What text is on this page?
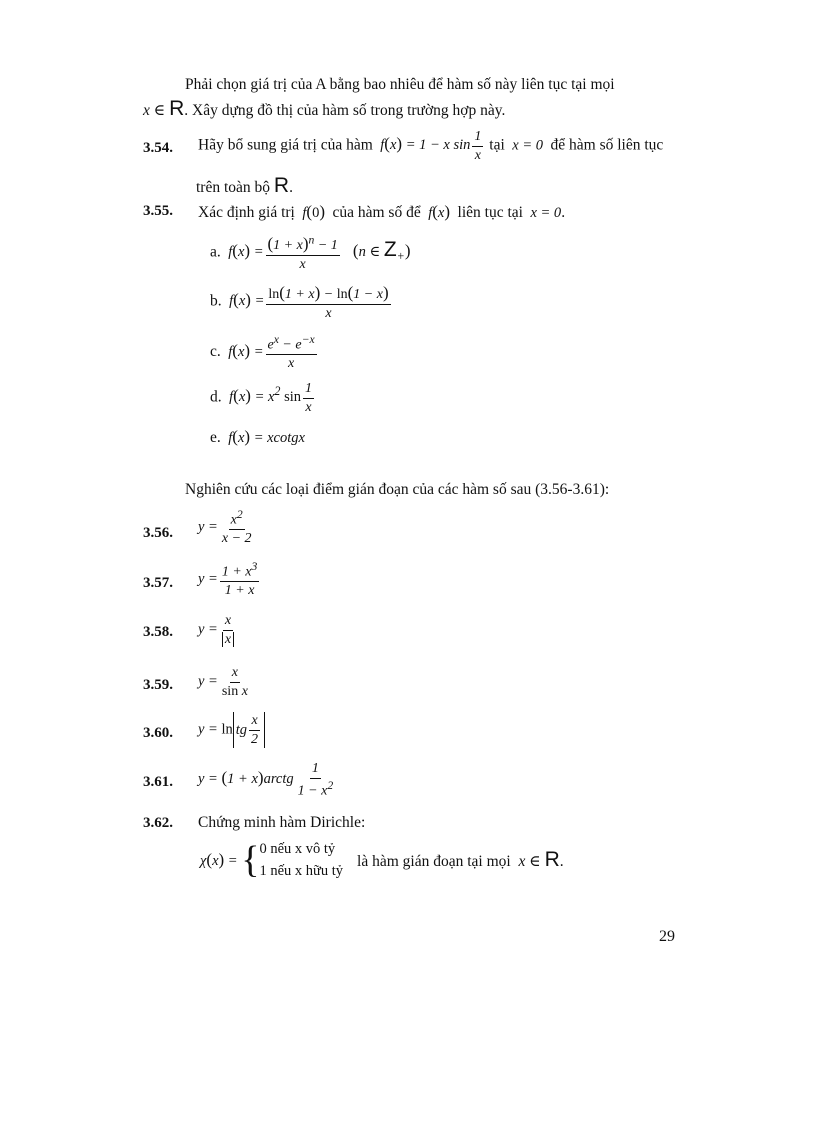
Phải chọn giá trị của A bằng bao nhiêu để hàm số này liên tục tại mọi
x ∈ R. Xây dựng đồ thị của hàm số trong trường hợp này.
3.54. Hãy bổ sung giá trị của hàm  f(x) = 1 − x $\sin \frac{1}{x}$ tại  x = 0  để hàm số liên tục
trên toàn bộ R.
3.55. Xác định giá trị  f(0) của hàm số để  f(x) liên tục tại  x = 0.
a.  $f(x) = \frac{(1 + x)^n - 1}{x} (n$ ∈ $Z_+$)
b.  $f(x) = \frac{\ln(1 + x) - \ln(1 - x)}{x}$
c.  $f(x) = \frac{e^x - e^{-x}}{x}$
d.  $f(x) = x^2$ $\sin \frac{1}{x}$
e.  f(x) = xcotgx
Nghiên cứu các loại điểm gián đoạn của các hàm số sau (3.56-3.61):
3.56. $y = \frac{x^2}{x - 2}$
3.57. $y = \frac{1 + x^3}{1 + x}$
3.58. $y = \frac{x}{x}$
3.59. $y = \frac{x}{\text{sin x}}$
3.60. y = ln tg $\frac{x}{2}$
3.61. y = (1 + x)arctg $\frac{1}{1 - x^2}$
3.62. Chứng minh hàm Dirichle:
χ(x) = { 0 nếu x vô tỷ
1 nếu x hữu tỷ
là hàm gián đoạn tại mọi  x ∈ R.
29
